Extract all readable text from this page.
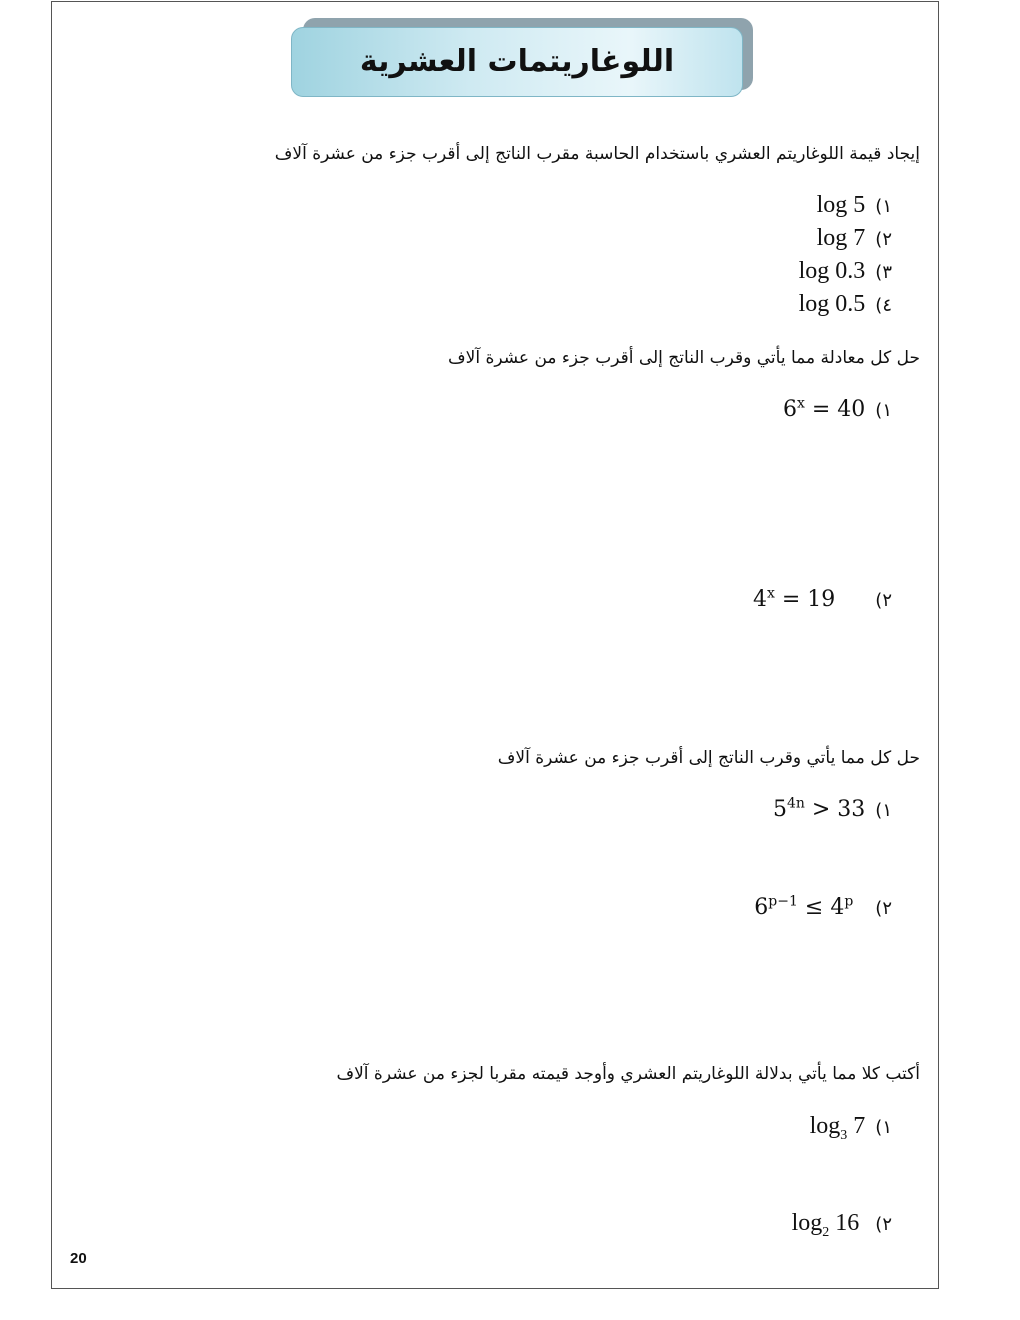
اللوغاريتمات العشرية
إيجاد قيمة اللوغاريتم العشري باستخدام الحاسبة مقرب الناتج إلى أقرب جزء من عشرة آلاف
log 5 (١
log 7 (٢
log 0.3 (٣
log 0.5 (٤
حل كل معادلة مما يأتي وقرب الناتج إلى أقرب جزء من عشرة آلاف
$6^x = 40$ (١
$4^x = 19$ (٢
حل كل مما يأتي وقرب الناتج إلى أقرب جزء من عشرة آلاف
$5^{4n} > 33$ (١
$6^{p-1} \le 4^p$ (٢
أكتب كلا مما يأتي بدلالة اللوغاريتم العشري وأوجد قيمته مقربا لجزء من عشرة آلاف
$\log_3 7$ (١
$\log_2 16$ (٢
20
